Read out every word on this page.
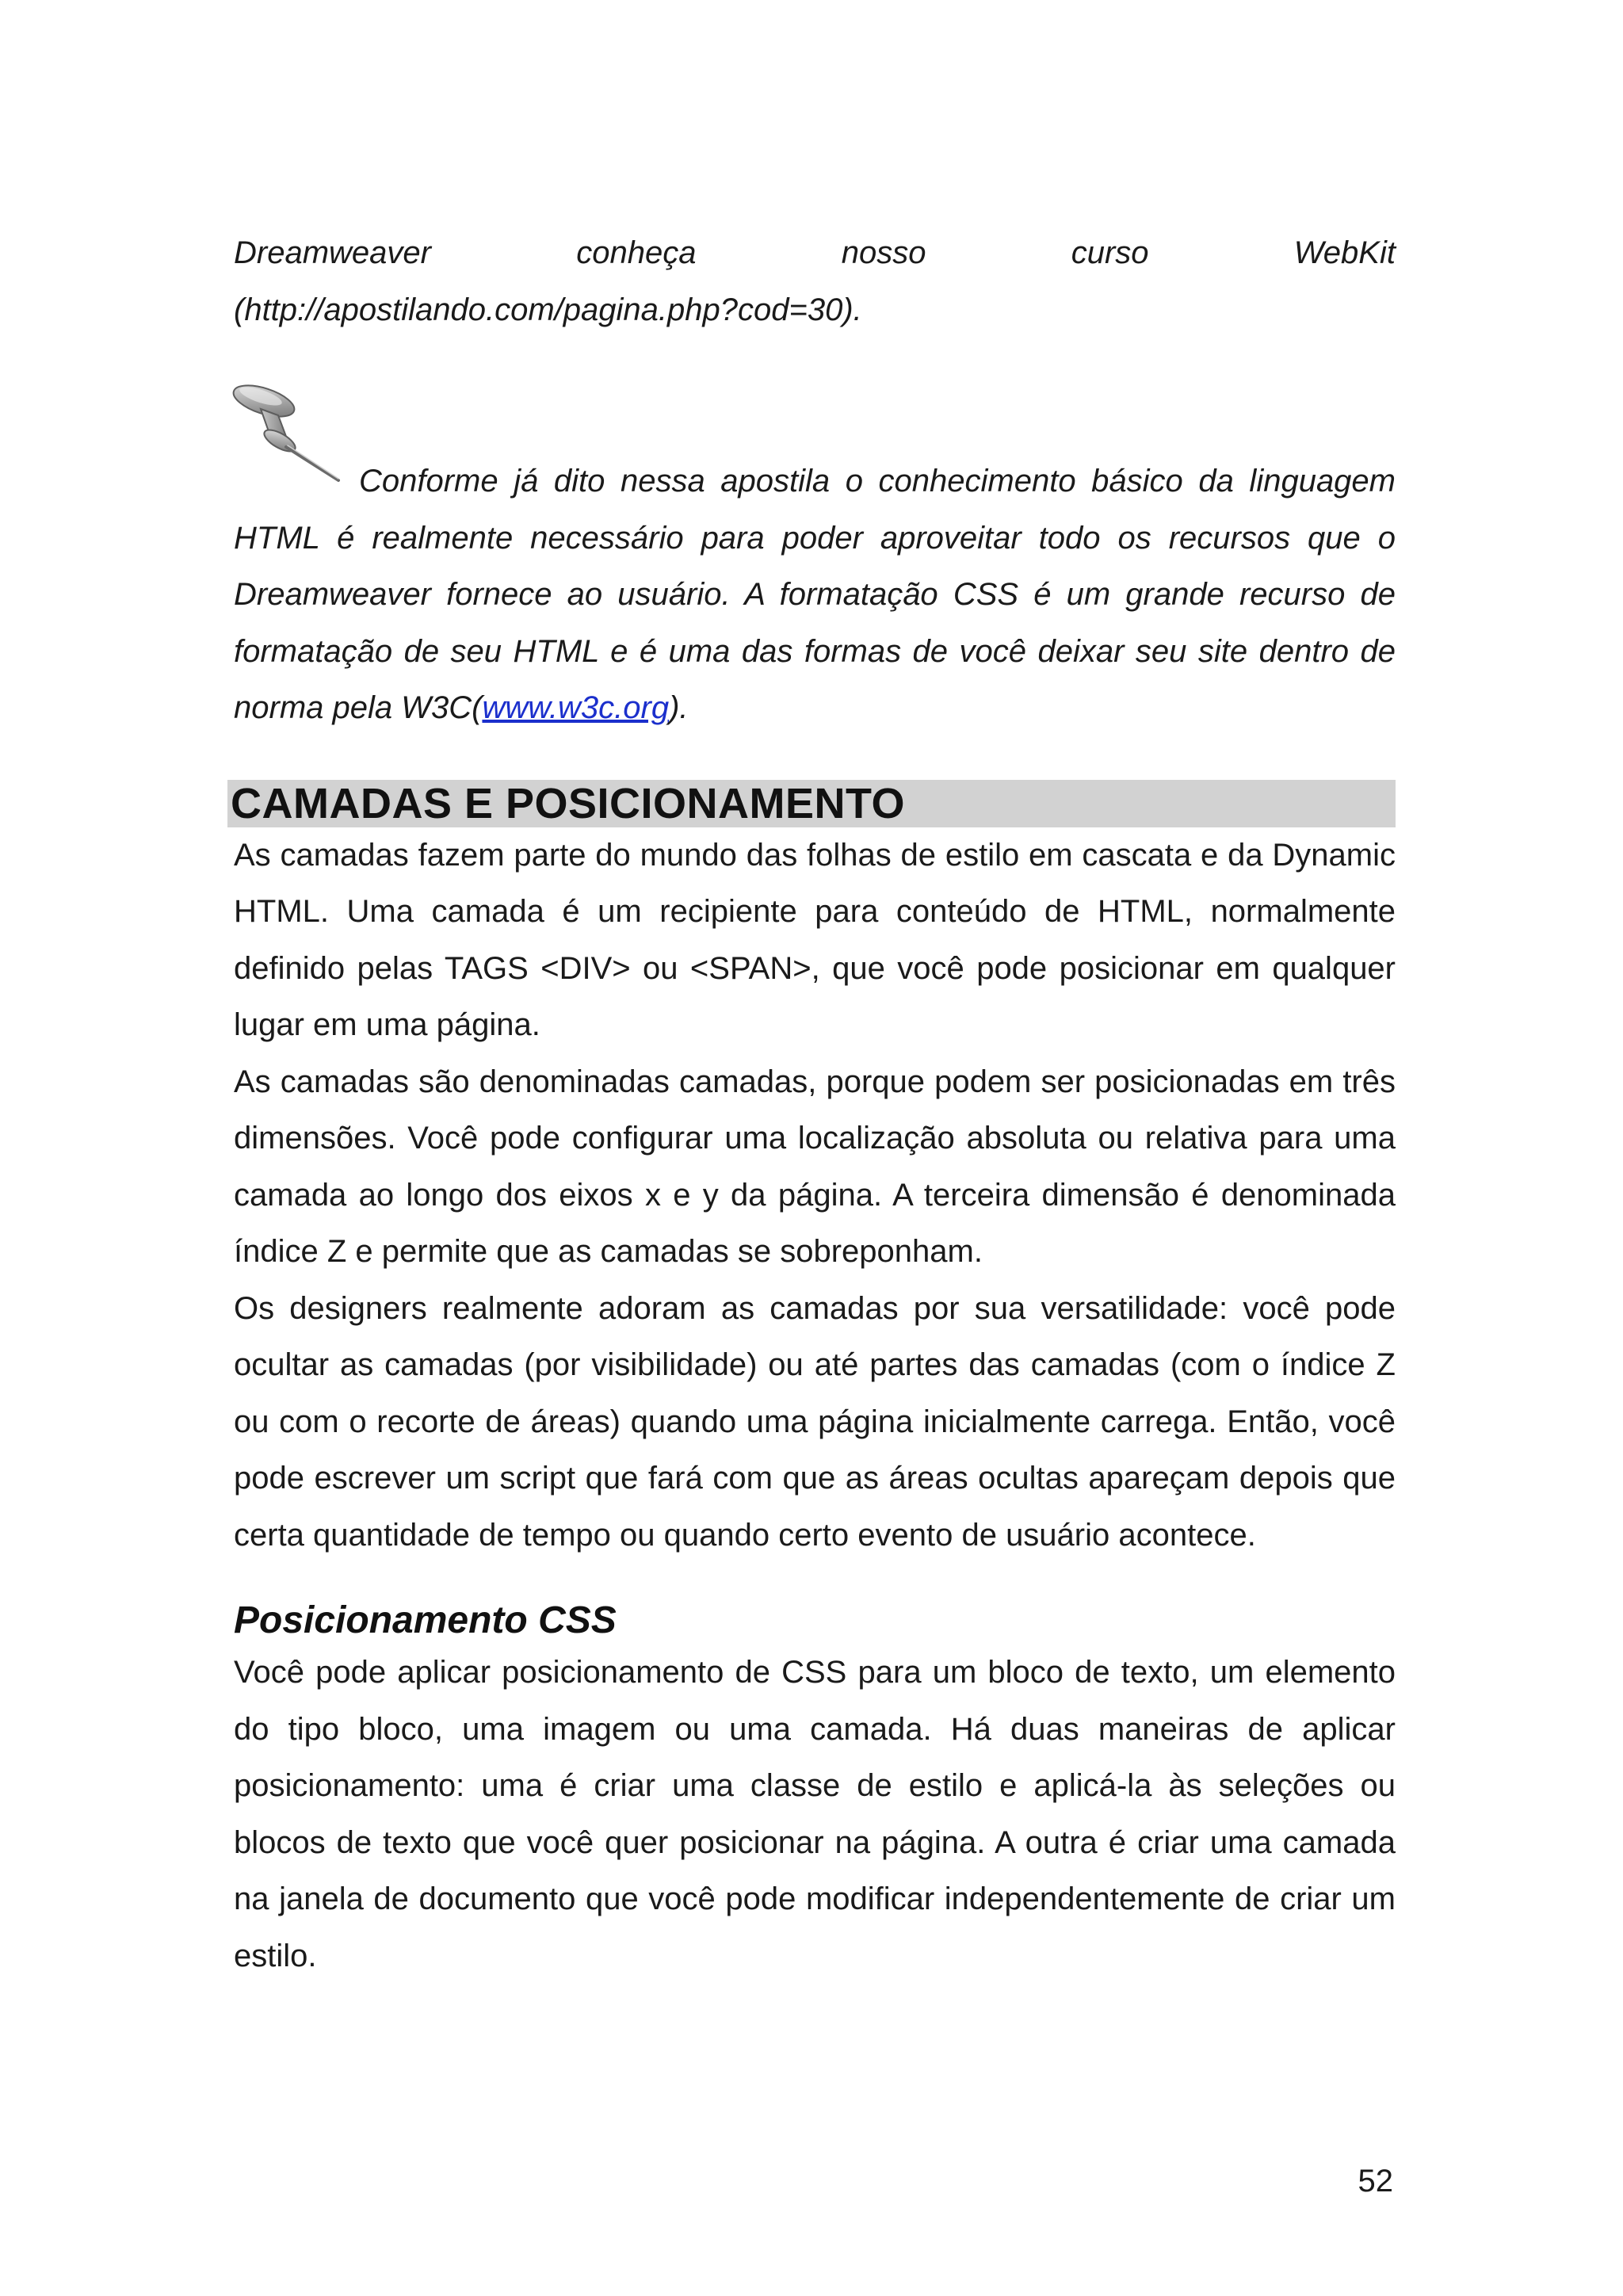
Dreamweaver	conheça	nosso	curso	WebKit

(http://apostilando.com/pagina.php?cod=30).

Conforme já dito nessa apostila o conhecimento básico da linguagem HTML é realmente necessário para poder aproveitar todo os recursos que o Dreamweaver fornece ao usuário. A formatação CSS é um grande recurso de formatação de seu HTML e é uma das formas de você deixar seu site dentro de norma pela W3C(www.w3c.org).

CAMADAS E POSICIONAMENTO

As camadas fazem parte do mundo das folhas de estilo em cascata e da Dynamic HTML. Uma camada é um recipiente para conteúdo de HTML, normalmente definido pelas TAGS <DIV> ou <SPAN>, que você pode posicionar em qualquer lugar em uma página.

As camadas são denominadas camadas, porque podem ser posicionadas em três dimensões. Você pode configurar uma localização absoluta ou relativa para uma camada ao longo dos eixos x e y da página. A terceira dimensão é denominada índice Z e permite que as camadas se sobreponham.

Os designers realmente adoram as camadas por sua versatilidade: você pode ocultar as camadas (por visibilidade) ou até partes das camadas (com o índice Z ou com o recorte de áreas) quando uma página inicialmente carrega. Então, você pode escrever um script que fará com que as áreas ocultas apareçam depois que certa quantidade de tempo ou quando certo evento de usuário acontece.

Posicionamento CSS

Você pode aplicar posicionamento de CSS para um bloco de texto, um elemento do tipo bloco, uma imagem ou uma camada. Há duas maneiras de aplicar posicionamento: uma é criar uma classe de estilo e aplicá-la às seleções ou blocos de texto que você quer posicionar na página. A outra é criar uma camada na janela de documento que você pode modificar independentemente de criar um estilo.

52
